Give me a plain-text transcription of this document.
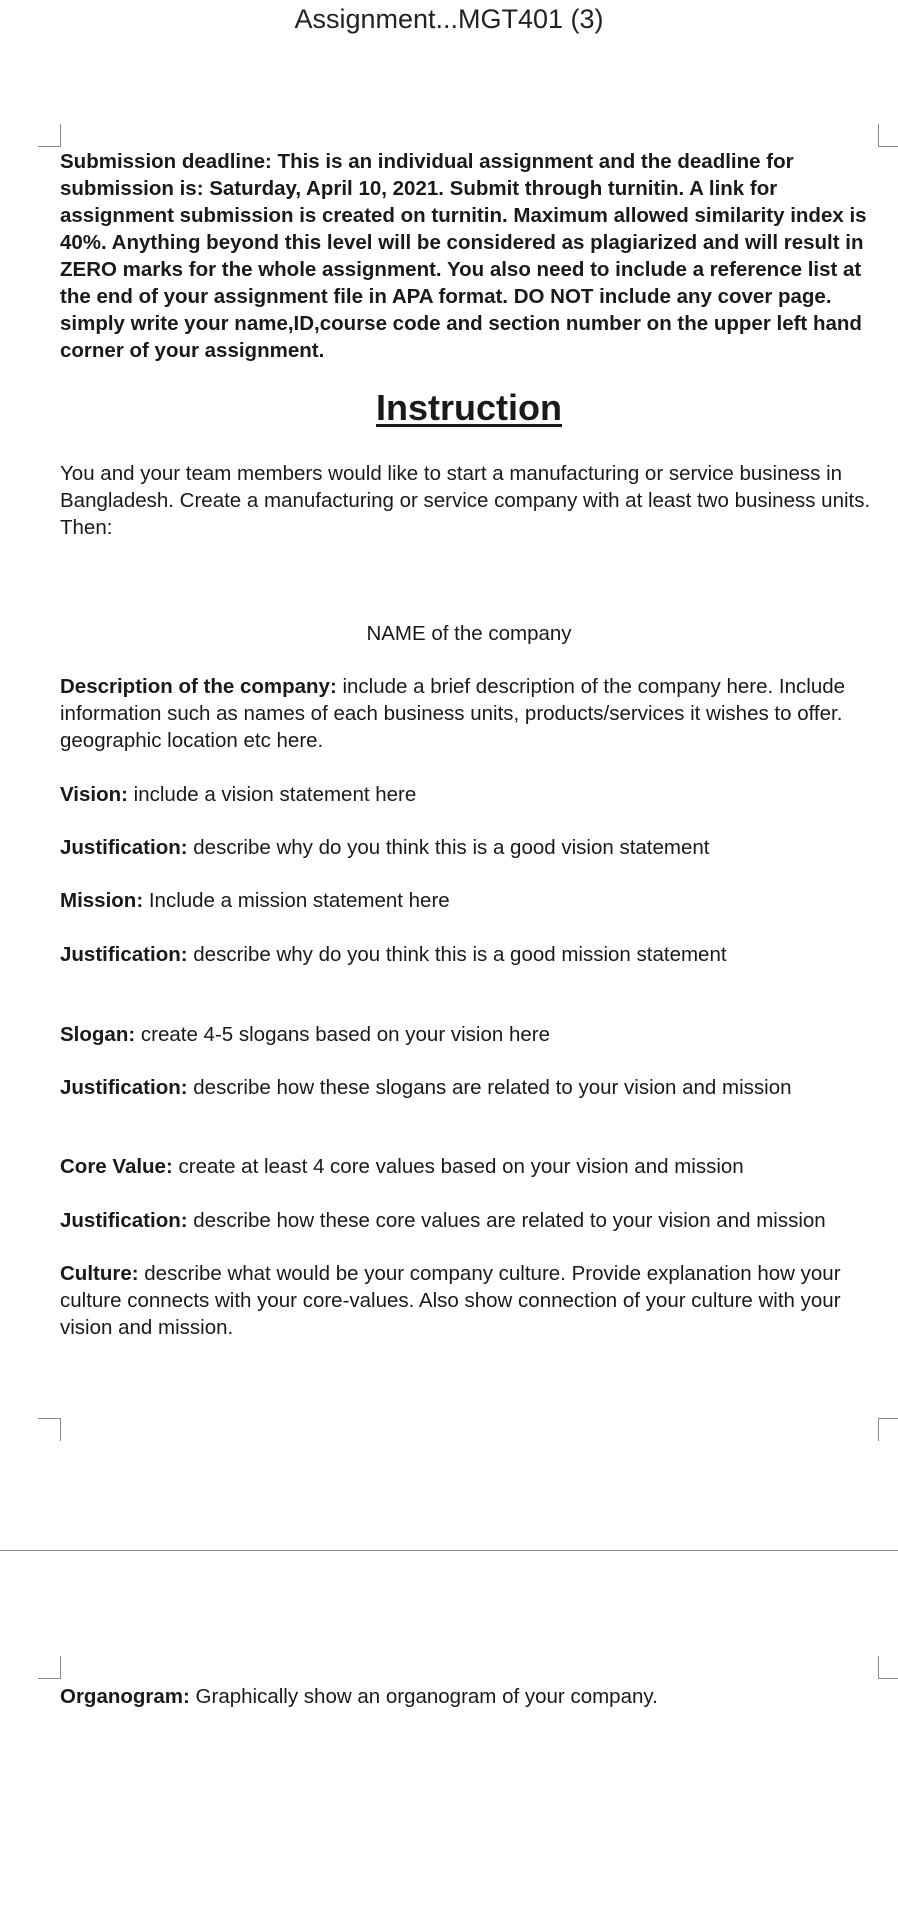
Assignment...MGT401 (3)
Submission deadline: This is an individual assignment and the deadline for submission is: Saturday, April 10, 2021. Submit through turnitin. A link for assignment submission is created on turnitin. Maximum allowed similarity index is 40%. Anything beyond this level will be considered as plagiarized and will result in ZERO marks for the whole assignment. You also need to include a reference list at the end of your assignment file in APA format. DO NOT include any cover page. simply write your name,ID,course code and section number on the upper left hand corner of your assignment.
Instruction
You and your team members would like to start a manufacturing or service business in Bangladesh. Create a manufacturing or service company with at least two business units. Then:
NAME of the company
Description of the company: include a brief description of the company here. Include information such as names of each business units, products/services it wishes to offer. geographic location etc here.
Vision: include a vision statement here
Justification: describe why do you think this is a good vision statement
Mission: Include a mission statement here
Justification: describe why do you think this is a good mission statement
Slogan: create 4-5 slogans based on your vision here
Justification: describe how these slogans are related to your vision and mission
Core Value: create at least 4 core values based on your vision and mission
Justification: describe how these core values are related to your vision and mission
Culture: describe what would be your company culture. Provide explanation how your culture connects with your core-values. Also show connection of your culture with your vision and mission.
Organogram: Graphically show an organogram of your company.
